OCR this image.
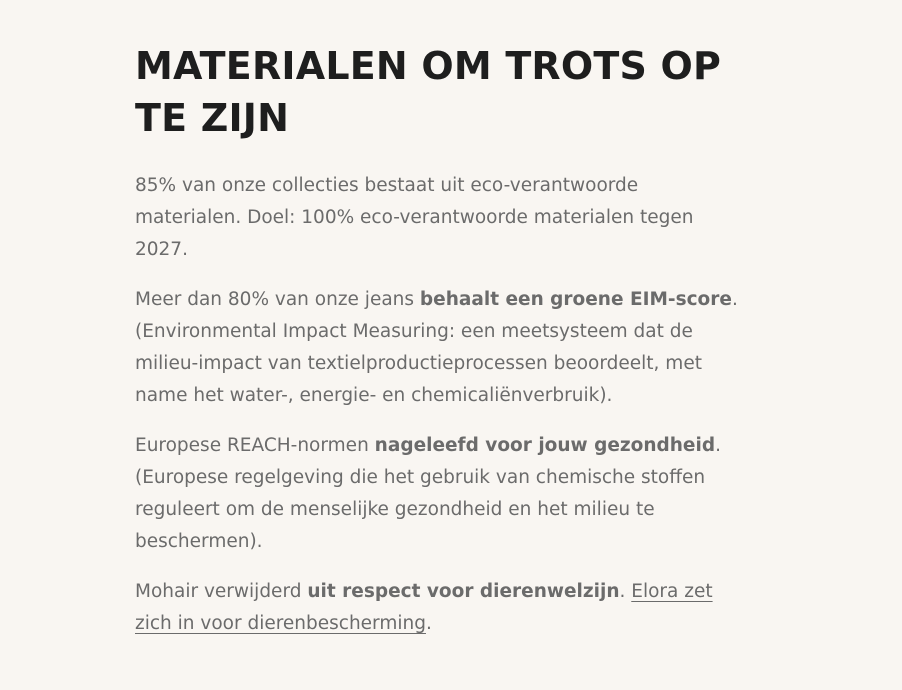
MATERIALEN OM TROTS OP TE ZIJN

85% van onze collecties bestaat uit eco-verantwoorde materialen. Doel: 100% eco-verantwoorde materialen tegen 2027.

Meer dan 80% van onze jeans behaalt een groene EIM-score. (Environmental Impact Measuring: een meetsysteem dat de milieu-impact van textielproductieprocessen beoordeelt, met name het water-, energie- en chemicaliënverbruik).

Europese REACH-normen nageleefd voor jouw gezondheid. (Europese regelgeving die het gebruik van chemische stoffen reguleert om de menselijke gezondheid en het milieu te beschermen).

Mohair verwijderd uit respect voor dierenwelzijn. Elora zet zich in voor dierenbescherming.
